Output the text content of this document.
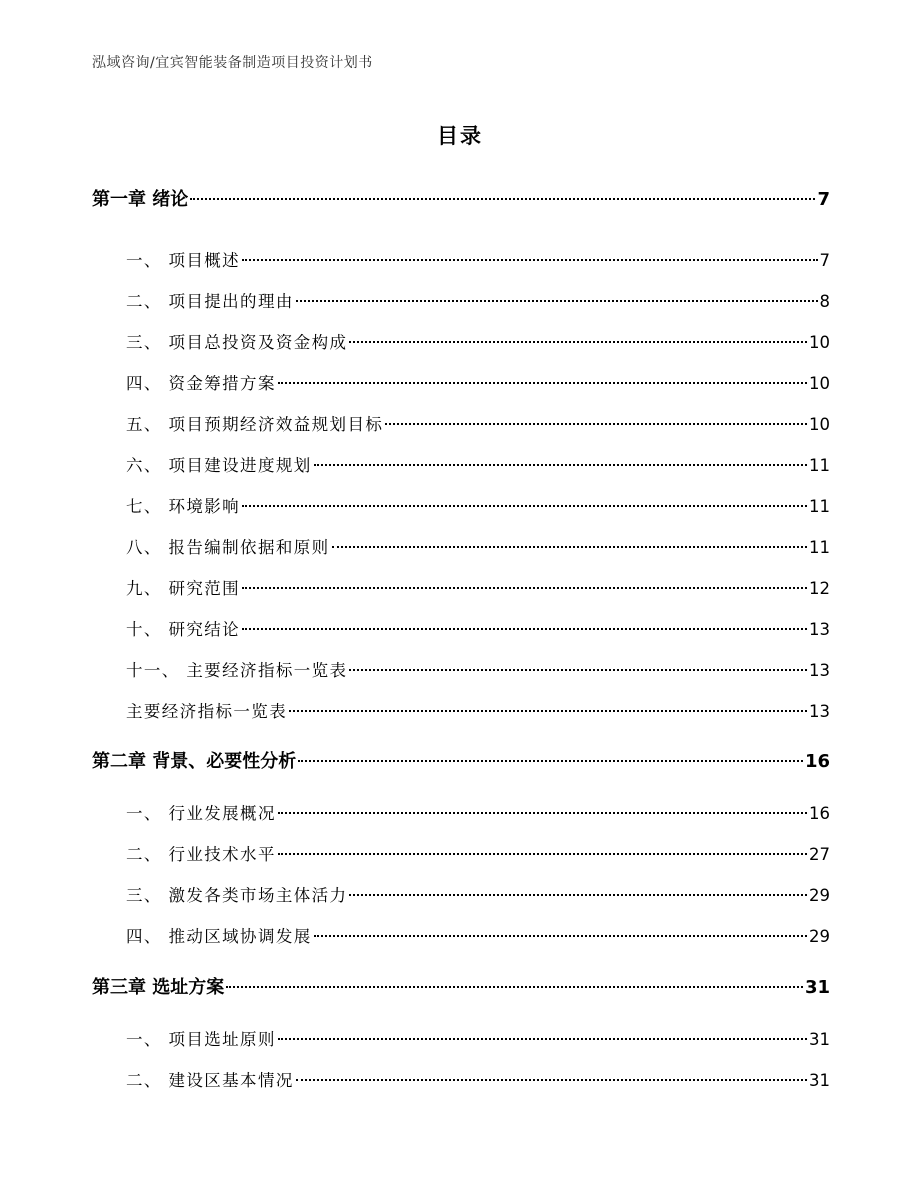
泓域咨询/宜宾智能装备制造项目投资计划书
目录
第一章 绪论	7
一、 项目概述	7
二、 项目提出的理由	8
三、 项目总投资及资金构成	10
四、 资金筹措方案	10
五、 项目预期经济效益规划目标	10
六、 项目建设进度规划	11
七、 环境影响	11
八、 报告编制依据和原则	11
九、 研究范围	12
十、 研究结论	13
十一、 主要经济指标一览表	13
主要经济指标一览表	13
第二章 背景、必要性分析	16
一、 行业发展概况	16
二、 行业技术水平	27
三、 激发各类市场主体活力	29
四、 推动区域协调发展	29
第三章 选址方案	31
一、 项目选址原则	31
二、 建设区基本情况	31
